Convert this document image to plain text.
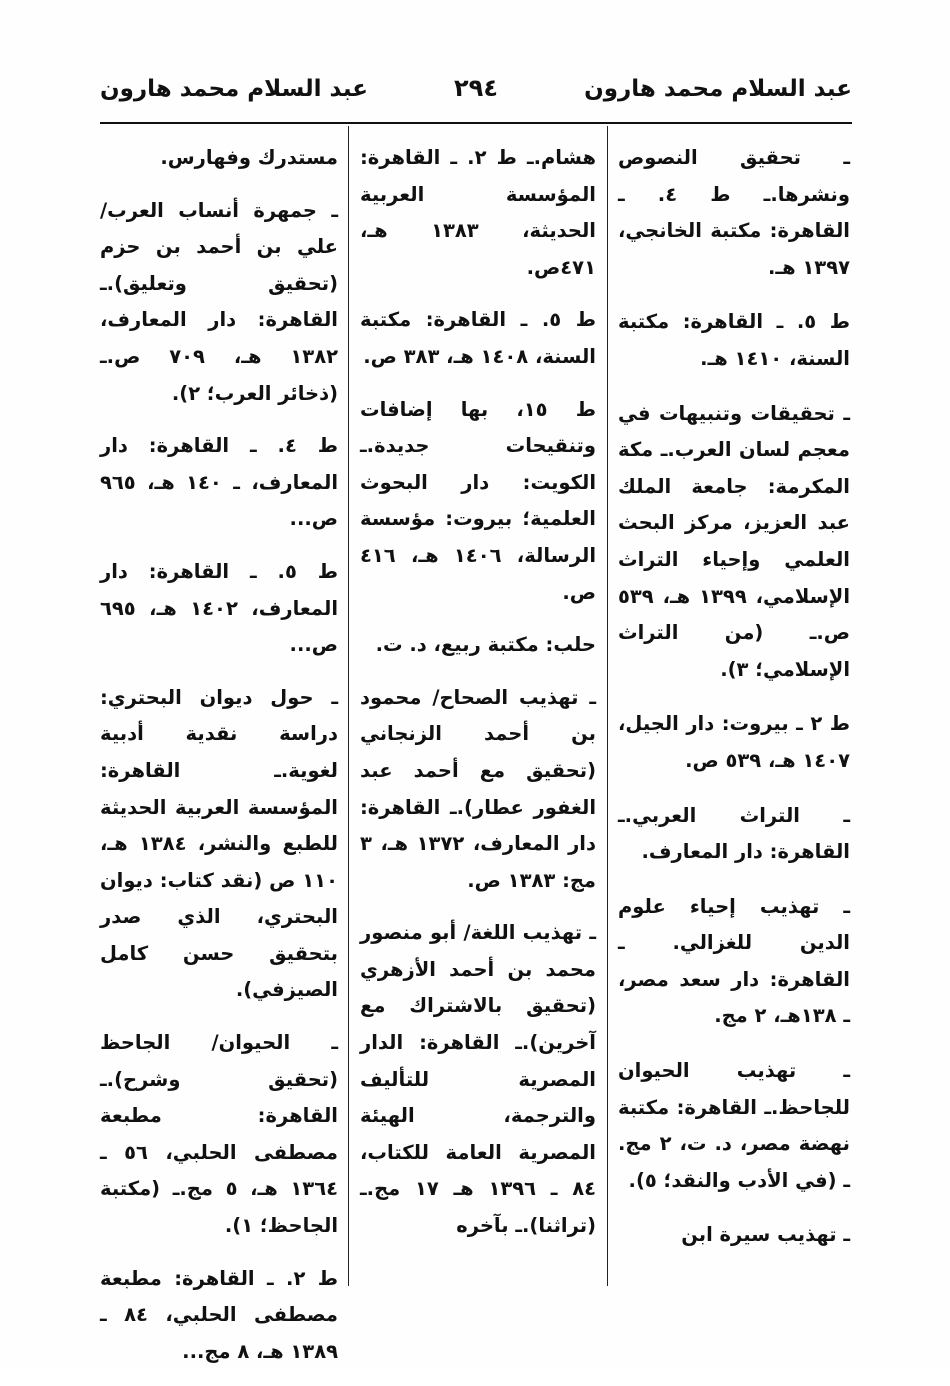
عبد السلام محمد هارون
٢٩٤
عبد السلام محمد هارون

ـ تحقيق النصوص ونشرها.ـ ط ٤. ـ القاهرة: مكتبة الخانجي، ١٣٩٧ هـ.

ط ٥. ـ القاهرة: مكتبة السنة، ١٤١٠ هـ.

ـ تحقيقات وتنبيهات في معجم لسان العرب.ـ مكة المكرمة: جامعة الملك عبد العزيز، مركز البحث العلمي وإحياء التراث الإسلامي، ١٣٩٩ هـ، ٥٣٩ ص.ـ (من التراث الإسلامي؛ ٣).

ط ٢ ـ بيروت: دار الجيل، ١٤٠٧ هـ، ٥٣٩ ص.

ـ التراث العربي.ـ القاهرة: دار المعارف.

ـ تهذيب إحياء علوم الدين للغزالي. ـ القاهرة: دار سعد مصر، ـ ١٣٨هـ، ٢ مج.

ـ تهذيب الحيوان للجاحظ.ـ القاهرة: مكتبة نهضة مصر، د. ت، ٢ مج. ـ (في الأدب والنقد؛ ٥).

ـ تهذيب سيرة ابن

هشام.ـ ط ٢. ـ القاهرة: المؤسسة العربية الحديثة، ١٣٨٣ هـ، ٤٧١ص.

ط ٥. ـ القاهرة: مكتبة السنة، ١٤٠٨ هـ، ٣٨٣ ص.

ط ١٥، بها إضافات وتنقيحات جديدة.ـ الكويت: دار البحوث العلمية؛ بيروت: مؤسسة الرسالة، ١٤٠٦ هـ، ٤١٦ ص.

حلب: مكتبة ربيع، د. ت.

ـ تهذيب الصحاح/ محمود بن أحمد الزنجاني (تحقيق مع أحمد عبد الغفور عطار).ـ القاهرة: دار المعارف، ١٣٧٢ هـ، ٣ مج: ١٣٨٣ ص.

ـ تهذيب اللغة/ أبو منصور محمد بن أحمد الأزهري (تحقيق بالاشتراك مع آخرين).ـ القاهرة: الدار المصرية للتأليف والترجمة، الهيئة المصرية العامة للكتاب، ٨٤ ـ ١٣٩٦ هـ ١٧ مج.ـ (تراثنا).ـ بآخره

مستدرك وفهارس.

ـ جمهرة أنساب العرب/ علي بن أحمد بن حزم (تحقيق وتعليق).ـ القاهرة: دار المعارف، ١٣٨٢ هـ، ٧٠٩ ص.ـ (ذخائر العرب؛ ٢).

ط ٤. ـ القاهرة: دار المعارف، ـ ١٤٠ هـ، ٩٦٥ ص...

ط ٥. ـ القاهرة: دار المعارف، ١٤٠٢ هـ، ٦٩٥ ص...

ـ حول ديوان البحتري: دراسة نقدية أدبية لغوية.ـ القاهرة: المؤسسة العربية الحديثة للطبع والنشر، ١٣٨٤ هـ، ١١٠ ص (نقد كتاب: ديوان البحتري، الذي صدر بتحقيق حسن كامل الصيزفي).

ـ الحيوان/ الجاحظ (تحقيق وشرح).ـ القاهرة: مطبعة مصطفى الحلبي، ٥٦ ـ ١٣٦٤ هـ، ٥ مج.ـ (مكتبة الجاحظ؛ ١).

ط ٢. ـ القاهرة: مطبعة مصطفى الحلبي، ٨٤ ـ ١٣٨٩ هـ، ٨ مج...
